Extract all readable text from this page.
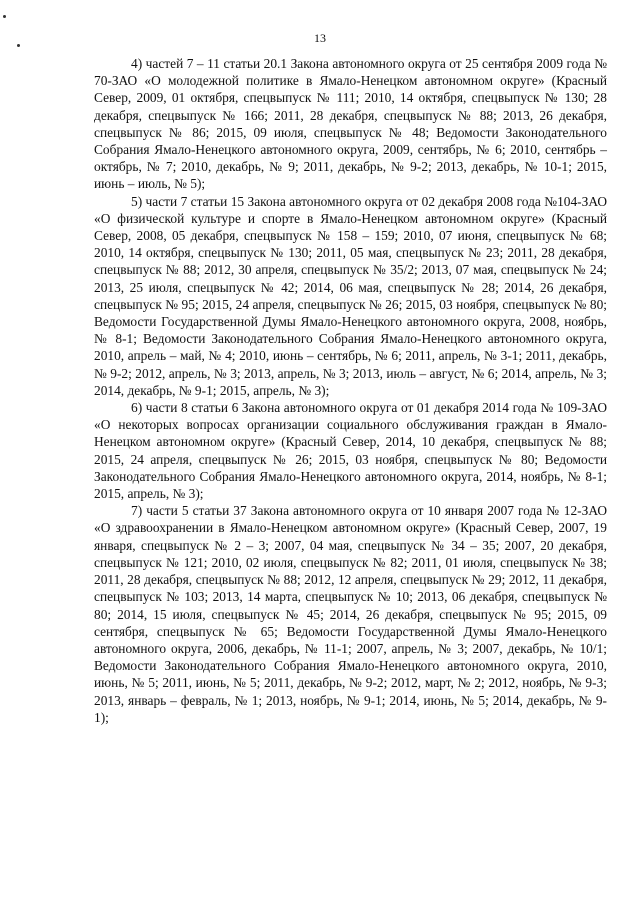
13

4) частей 7 – 11 статьи 20.1 Закона автономного округа от 25 сентября 2009 года № 70-ЗАО «О молодежной политике в Ямало-Ненецком автономном округе» (Красный Север, 2009, 01 октября, спецвыпуск № 111; 2010, 14 октября, спецвыпуск № 130; 28 декабря, спецвыпуск № 166; 2011, 28 декабря, спецвыпуск № 88; 2013, 26 декабря, спецвыпуск № 86; 2015, 09 июля, спецвыпуск № 48; Ведомости Законодательного Собрания Ямало-Ненецкого автономного округа, 2009, сентябрь, № 6; 2010, сентябрь – октябрь, № 7; 2010, декабрь, № 9; 2011, декабрь, № 9-2; 2013, декабрь, № 10-1; 2015, июнь – июль, № 5);

5) части 7 статьи 15 Закона автономного округа от 02 декабря 2008 года №104-ЗАО «О физической культуре и спорте в Ямало-Ненецком автономном округе» (Красный Север, 2008, 05 декабря, спецвыпуск № 158 – 159; 2010, 07 июня, спецвыпуск № 68; 2010, 14 октября, спецвыпуск № 130; 2011, 05 мая, спецвыпуск № 23; 2011, 28 декабря, спецвыпуск № 88; 2012, 30 апреля, спецвыпуск № 35/2; 2013, 07 мая, спецвыпуск № 24; 2013, 25 июля, спецвыпуск № 42; 2014, 06 мая, спецвыпуск № 28; 2014, 26 декабря, спецвыпуск № 95; 2015, 24 апреля, спецвыпуск № 26; 2015, 03 ноября, спецвыпуск № 80; Ведомости Государственной Думы Ямало-Ненецкого автономного округа, 2008, ноябрь, № 8-1; Ведомости Законодательного Собрания Ямало-Ненецкого автономного округа, 2010, апрель – май, № 4; 2010, июнь – сентябрь, № 6; 2011, апрель, № 3-1; 2011, декабрь, № 9-2; 2012, апрель, № 3; 2013, апрель, № 3; 2013, июль – август, № 6; 2014, апрель, № 3; 2014, декабрь, № 9-1; 2015, апрель, № 3);

6) части 8 статьи 6 Закона автономного округа от 01 декабря 2014 года № 109-ЗАО «О некоторых вопросах организации социального обслуживания граждан в Ямало-Ненецком автономном округе» (Красный Север, 2014, 10 декабря, спецвыпуск № 88; 2015, 24 апреля, спецвыпуск № 26; 2015, 03 ноября, спецвыпуск № 80; Ведомости Законодательного Собрания Ямало-Ненецкого автономного округа, 2014, ноябрь, № 8-1; 2015, апрель, № 3);

7) части 5 статьи 37 Закона автономного округа от 10 января 2007 года № 12-ЗАО «О здравоохранении в Ямало-Ненецком автономном округе» (Красный Север, 2007, 19 января, спецвыпуск № 2 – 3; 2007, 04 мая, спецвыпуск № 34 – 35; 2007, 20 декабря, спецвыпуск № 121; 2010, 02 июля, спецвыпуск № 82; 2011, 01 июля, спецвыпуск № 38; 2011, 28 декабря, спецвыпуск № 88; 2012, 12 апреля, спецвыпуск № 29; 2012, 11 декабря, спецвыпуск № 103; 2013, 14 марта, спецвыпуск № 10; 2013, 06 декабря, спецвыпуск № 80; 2014, 15 июля, спецвыпуск № 45; 2014, 26 декабря, спецвыпуск № 95; 2015, 09 сентября, спецвыпуск № 65; Ведомости Государственной Думы Ямало-Ненецкого автономного округа, 2006, декабрь, № 11-1; 2007, апрель, № 3; 2007, декабрь, № 10/1; Ведомости Законодательного Собрания Ямало-Ненецкого автономного округа, 2010, июнь, № 5; 2011, июнь, № 5; 2011, декабрь, № 9-2; 2012, март, № 2; 2012, ноябрь, № 9-3; 2013, январь – февраль, № 1; 2013, ноябрь, № 9-1; 2014, июнь, № 5; 2014, декабрь, № 9-1);
